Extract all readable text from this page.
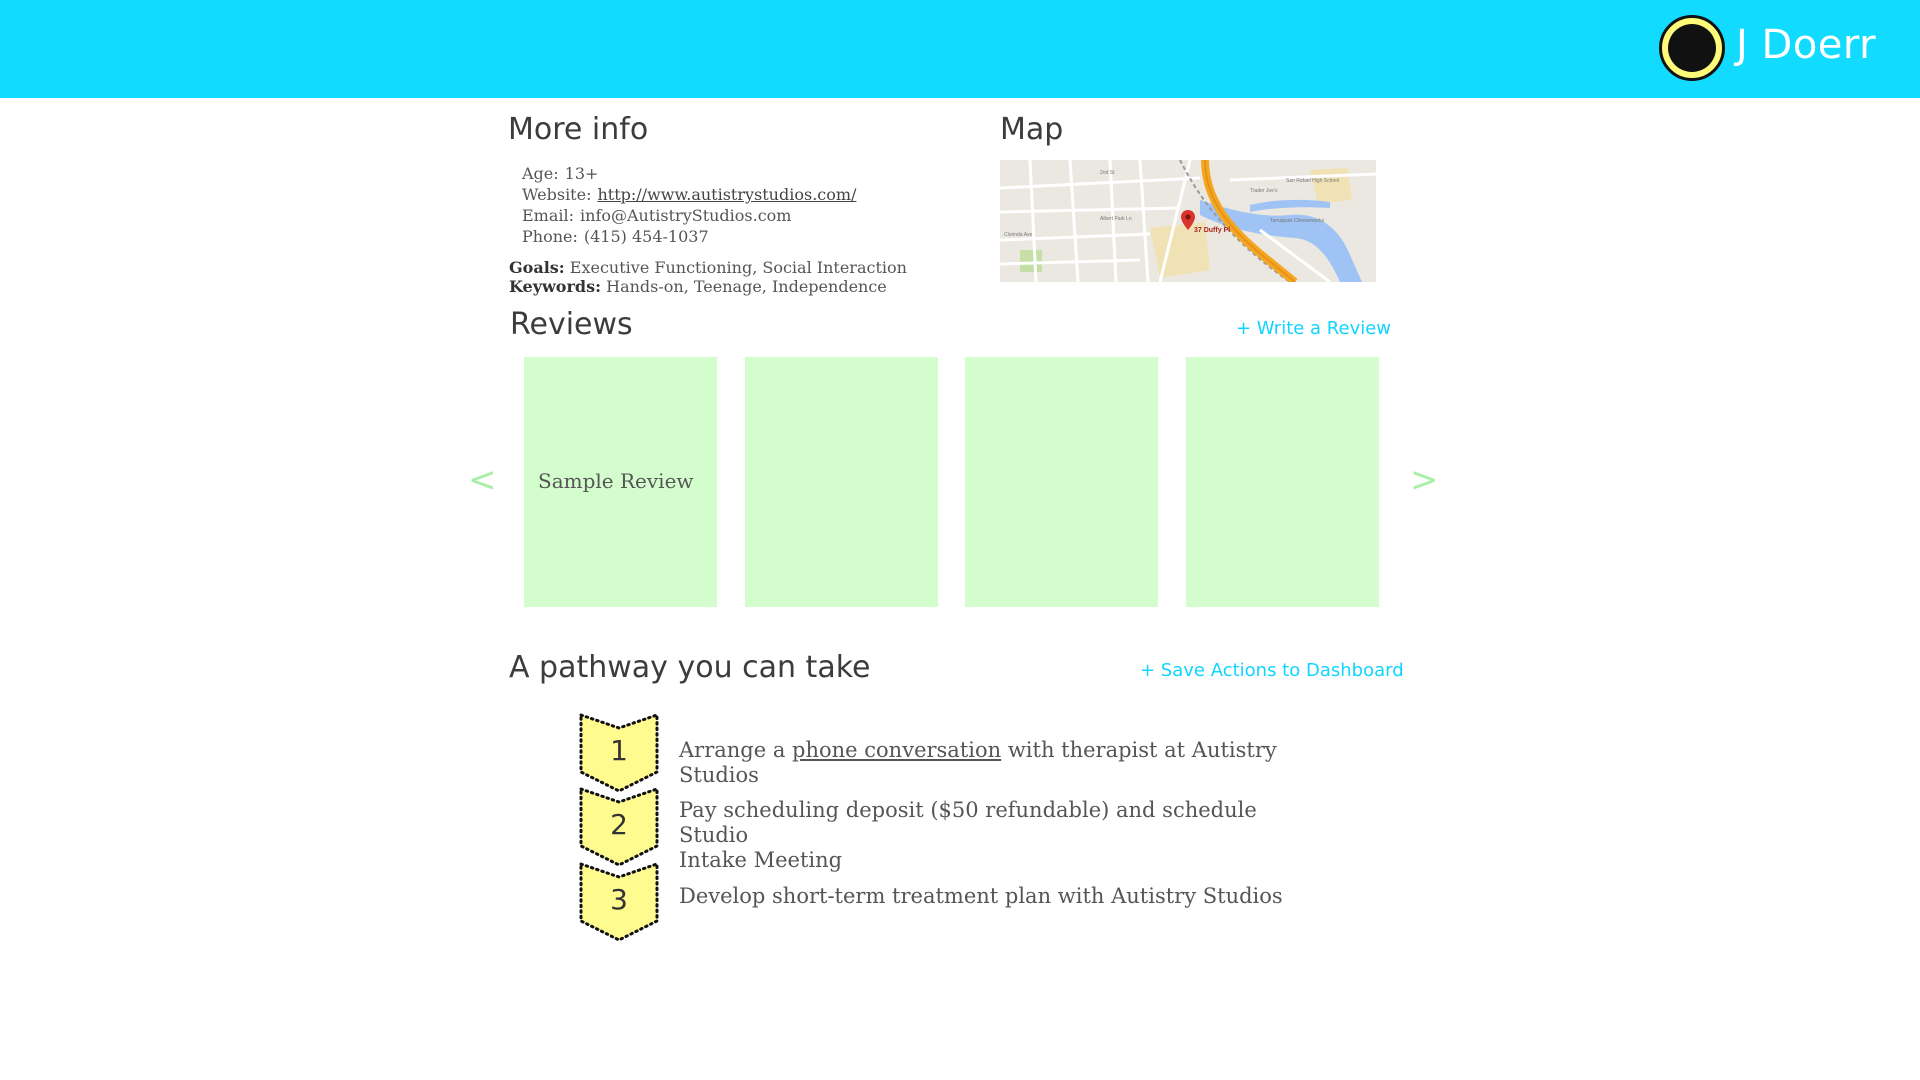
J Doerr
More info
Age: 13+
Website: http://www.autistrystudios.com/
Email: info@AutistryStudios.com
Phone: (415) 454-1037
Goals: Executive Functioning, Social Interaction
Keywords: Hands-on, Teenage, Independence
Map
37 Duffy Pl
2nd St
San Rafael High School
Trader Joe's
Tamalpais Cheeseworks
Albert Park Ln
Clorinda Ave
Reviews	+ Write a Review
<	>
Sample Review
A pathway you can take	+ Save Actions to Dashboard
1	Arrange a phone conversation with therapist at Autistry Studios
2	Pay scheduling deposit ($50 refundable) and schedule Studio
Intake Meeting
3	Develop short-term treatment plan with Autistry Studios
